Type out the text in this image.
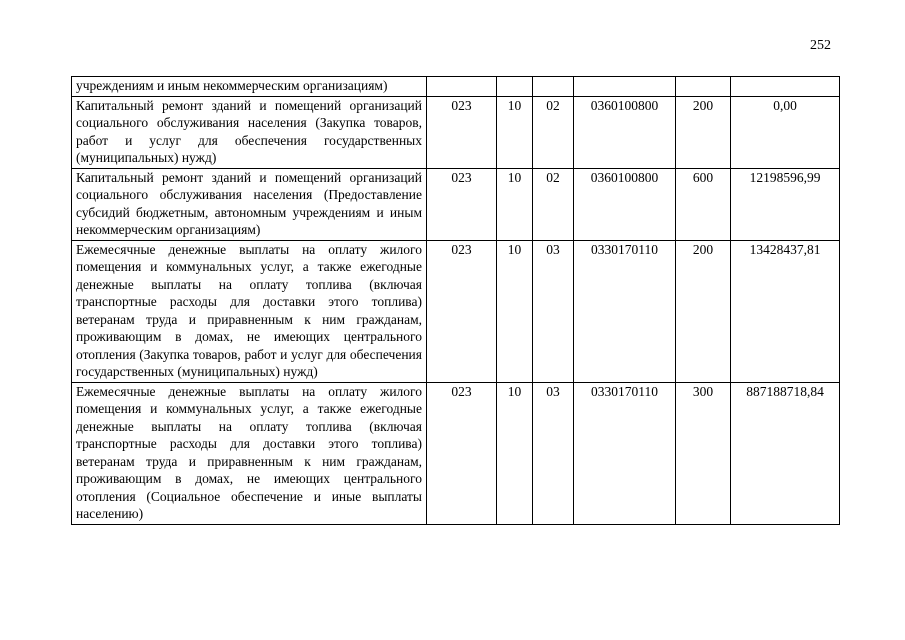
252
учреждениям и иным некоммерческим организациям)						
Капитальный ремонт зданий и помещений организаций социального обслуживания населения (Закупка товаров, работ и услуг для обеспечения государственных (муниципальных) нужд)	023	10	02	0360100800	200	0,00
Капитальный ремонт зданий и помещений организаций социального обслуживания населения (Предоставление субсидий бюджетным, автономным учреждениям и иным некоммерческим организациям)	023	10	02	0360100800	600	12198596,99
Ежемесячные денежные выплаты на оплату жилого помещения и коммунальных услуг, а также ежегодные денежные выплаты на оплату топлива (включая транспортные расходы для доставки этого топлива) ветеранам труда и приравненным к ним гражданам, проживающим в домах, не имеющих центрального отопления (Закупка товаров, работ и услуг для обеспечения государственных (муниципальных) нужд)	023	10	03	0330170110	200	13428437,81
Ежемесячные денежные выплаты на оплату жилого помещения и коммунальных услуг, а также ежегодные денежные выплаты на оплату топлива (включая транспортные расходы для доставки этого топлива) ветеранам труда и приравненным к ним гражданам, проживающим в домах, не имеющих центрального отопления (Социальное обеспечение и иные выплаты населению)	023	10	03	0330170110	300	887188718,84
